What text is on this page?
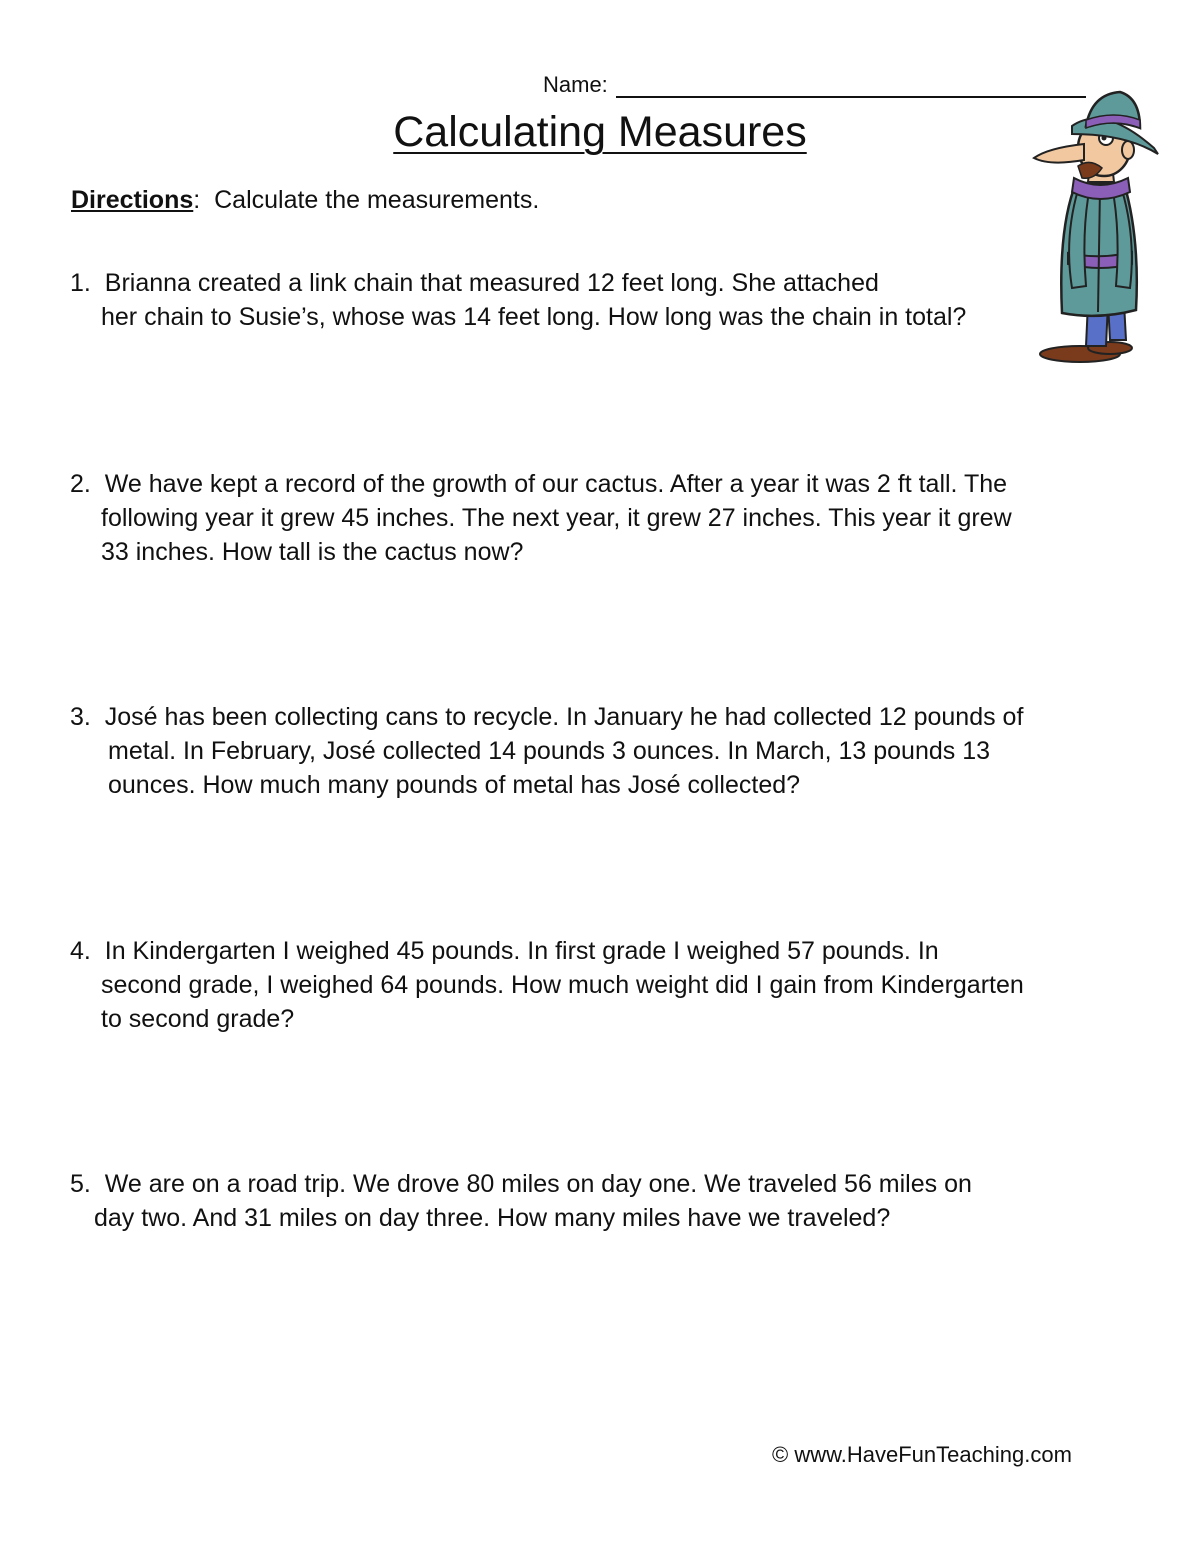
Name:
Calculating Measures
Directions:  Calculate the measurements.
1. Brianna created a link chain that measured 12 feet long. She attached
her chain to Susie’s, whose was 14 feet long. How long was the chain in total?
2. We have kept a record of the growth of our cactus. After a year it was 2 ft tall. The
following year it grew 45 inches. The next year, it grew 27 inches. This year it grew
33 inches. How tall is the cactus now?
3. José has been collecting cans to recycle. In January he had collected 12 pounds of
metal. In February, José collected 14 pounds 3 ounces. In March, 13 pounds 13
ounces. How much many pounds of metal has José collected?
4. In Kindergarten I weighed 45 pounds. In first grade I weighed 57 pounds. In
second grade, I weighed 64 pounds. How much weight did I gain from Kindergarten
to second grade?
5. We are on a road trip. We drove 80 miles on day one. We traveled 56 miles on
day two. And 31 miles on day three. How many miles have we traveled?
© www.HaveFunTeaching.com
